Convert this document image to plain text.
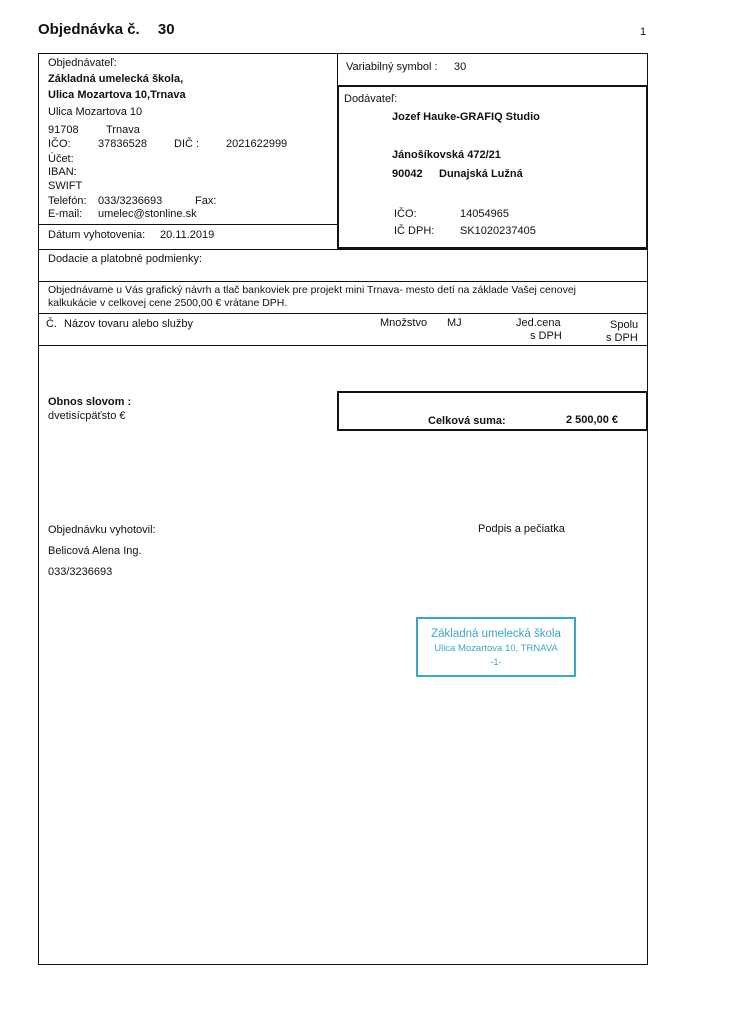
Objednávka č. 30	1
Objednávateľ:
Základná umelecká škola,
Ulica Mozartova 10,Trnava
Ulica Mozartova 10
91708 Trnava
IČO: 37836528 DIČ : 2021622999
Účet:
IBAN:
SWIFT
Telefón: 033/3236693	Fax:
E-mail: umelec@stonline.sk
Dátum vyhotovenia: 20.11.2019
Variabilný symbol : 30
Dodávateľ:
Jozef Hauke-GRAFIQ Studio
Jánošíkovská 472/21
90042 Dunajská Lužná
IČO:	14054965
IČ DPH: SK1020237405
Dodacie a platobné podmienky:
Objednávame u Vás grafický návrh a tlač bankoviek pre projekt mini Trnava- mesto detí na základe Vašej cenovej
kalkukácie v celkovej cene 2500,00 € vrátane DPH.
Č. Názov tovaru alebo služby	Množstvo MJ	Jed.cena
s DPH
Spolu
s DPH
Obnos slovom :
dvetisícpäťsto €	Celková suma:	2 500,00 €
Objednávku vyhotovil:
Belicová Alena Ing.
033/3236693
Podpis a pečiatka
Základná umelecká škola
Ulica Mozartova 10, TRNAVA
-1-
